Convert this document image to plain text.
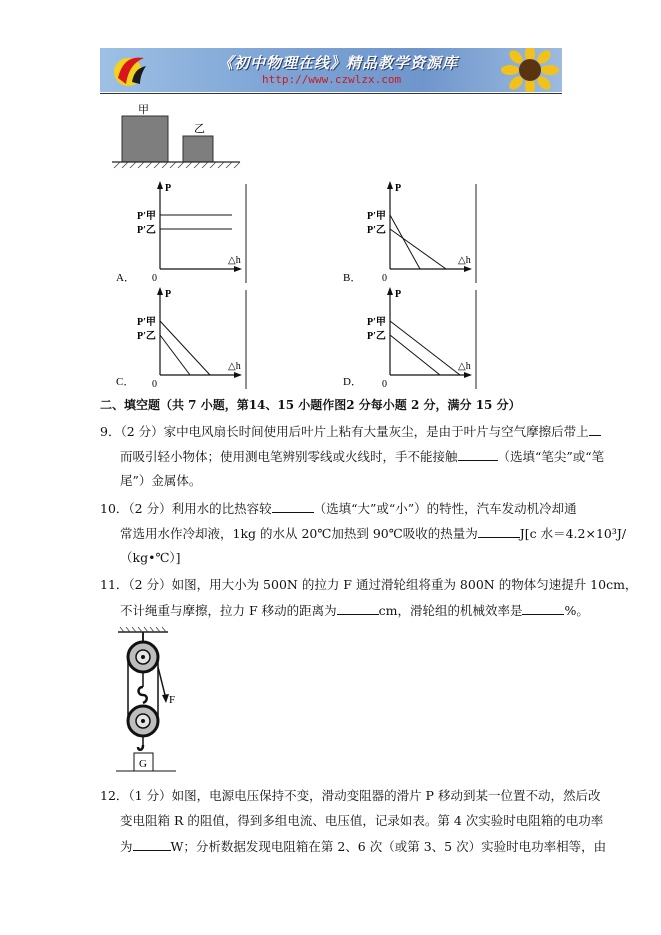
《初中物理在线》精品教学资源库
http://www.czwlzx.com
甲
乙
P
P′甲
P′乙
△h
0
A．
P
P′甲
P′乙
△h
0
B．
P
P′甲
P′乙
△h
0
C．
P
P′甲
P′乙
△h
0
D．
二、填空题（共 7 小题，第14、15 小题作图2 分每小题 2 分，满分 15 分）
9．（2 分）家中电风扇长时间使用后叶片上粘有大量灰尘，是由于叶片与空气摩擦后带上
而吸引轻小物体；使用测电笔辨别零线或火线时，手不能接触	（选填“笔尖”或“笔
尾”）金属体。
10．（2 分）利用水的比热容较	（选填“大”或“小”）的特性，汽车发动机冷却通
常选用水作冷却液，1kg 的水从 20℃加热到 90℃吸收的热量为	J[c 水＝4.2×10³J/
（kg•℃）]
11．（2 分）如图，用大小为 500N 的拉力 F 通过滑轮组将重为 800N 的物体匀速提升 10cm，
不计绳重与摩擦，拉力 F 移动的距离为	cm，滑轮组的机械效率是	%。
F
G
12．（1 分）如图，电源电压保持不变，滑动变阻器的滑片 P 移动到某一位置不动，然后改
变电阻箱 R 的阻值，得到多组电流、电压值，记录如表。第 4 次实验时电阻箱的电功率
为	W；分析数据发现电阻箱在第 2、6 次（或第 3、5 次）实验时电功率相等，由
